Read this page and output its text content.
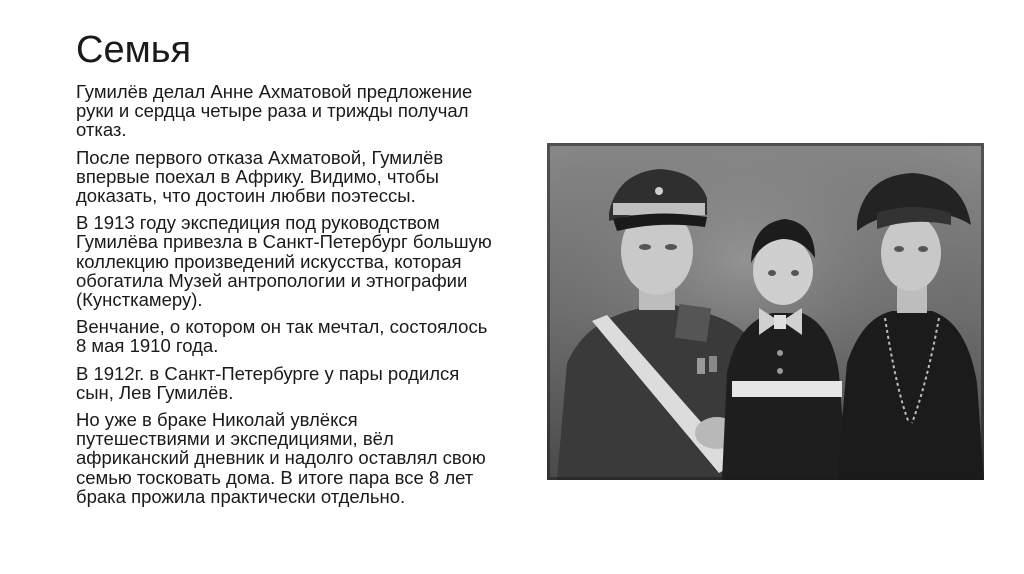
Семья
Гумилёв делал Анне Ахматовой предложение
руки и сердца четыре раза и трижды получал
отказ.
После первого отказа Ахматовой, Гумилёв
впервые поехал в Африку. Видимо, чтобы
доказать, что достоин любви поэтессы.
В 1913 году экспедиция под руководством
Гумилёва привезла в Санкт-Петербург большую
коллекцию произведений искусства, которая
обогатила Музей антропологии и этнографии
(Кунсткамеру).
Венчание, о котором он так мечтал, состоялось
8 мая 1910 года.
В 1912г. в Санкт-Петербурге у пары родился
сын, Лев Гумилёв.
Но уже в браке Николай увлёкся
путешествиями и экспедициями, вёл
африканский дневник и надолго оставлял свою
семью тосковать дома. В итоге пара все 8 лет
брака прожила практически отдельно.
